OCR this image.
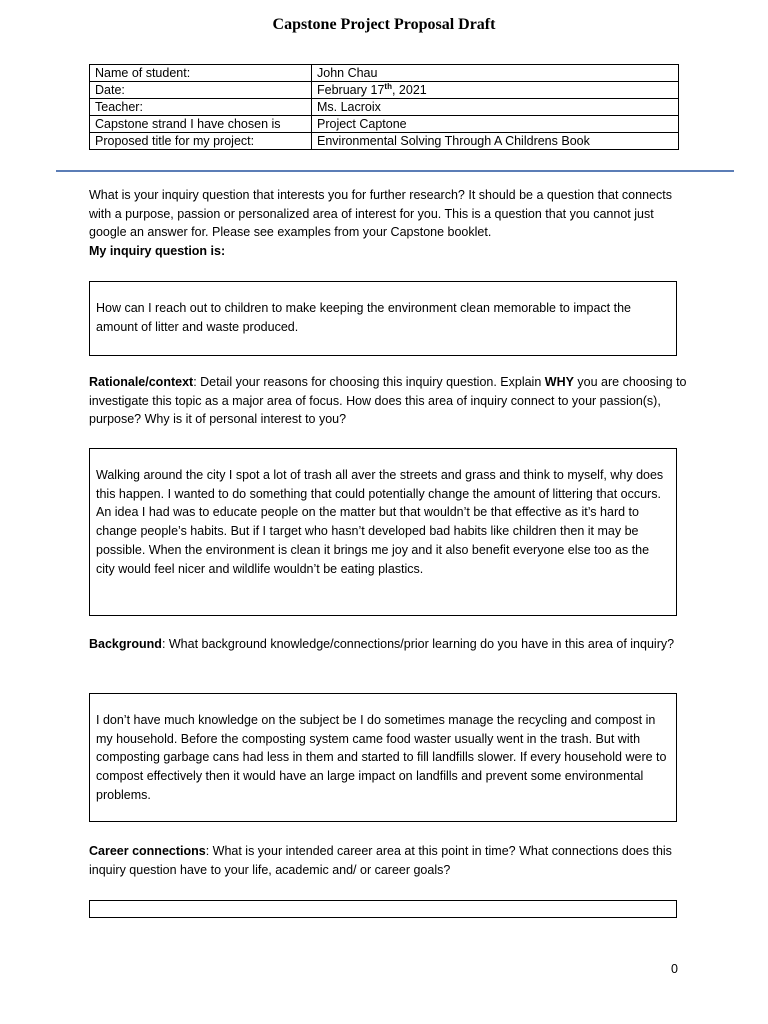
Capstone Project Proposal Draft
Name of student:	John Chau
Date:	February 17th, 2021
Teacher:	Ms. Lacroix
Capstone strand I have chosen is	Project Captone
Proposed title for my project:	Environmental Solving Through A Childrens Book
What is your inquiry question that interests you for further research? It should be a question that connects with a purpose, passion or personalized area of interest for you. This is a question that you cannot just google an answer for. Please see examples from your Capstone booklet.
My inquiry question is:
How can I reach out to children to make keeping the environment clean memorable to impact the amount of litter and waste produced.
Rationale/context: Detail your reasons for choosing this inquiry question. Explain WHY you are choosing to investigate this topic as a major area of focus. How does this area of inquiry connect to your passion(s), purpose? Why is it of personal interest to you?
Walking around the city I spot a lot of trash all aver the streets and grass and think to myself, why does this happen. I wanted to do something that could potentially change the amount of littering that occurs. An idea I had was to educate people on the matter but that wouldn’t be that effective as it’s hard to change people’s habits. But if I target who hasn’t developed bad habits like children then it may be possible. When the environment is clean it brings me joy and it also benefit everyone else too as the city would feel nicer and wildlife wouldn’t be eating plastics.
Background: What background knowledge/connections/prior learning do you have in this area of inquiry?
I don’t have much knowledge on the subject be I do sometimes manage the recycling and compost in my household. Before the composting system came food waster usually went in the trash. But with composting garbage cans had less in them and started to fill landfills slower. If every household were to compost effectively then it would have an large impact on landfills and prevent some environmental problems.
Career connections: What is your intended career area at this point in time? What connections does this inquiry question have to your life, academic and/ or career goals?
0
